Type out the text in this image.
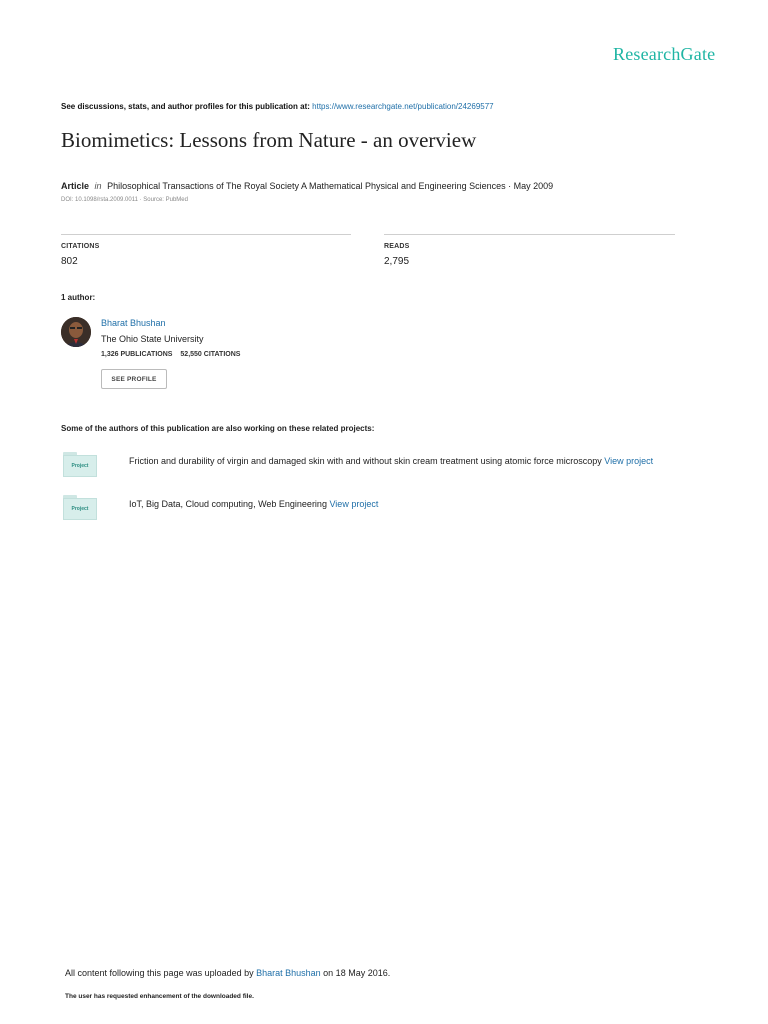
ResearchGate
See discussions, stats, and author profiles for this publication at: https://www.researchgate.net/publication/24269577
Biomimetics: Lessons from Nature - an overview
Article in Philosophical Transactions of The Royal Society A Mathematical Physical and Engineering Sciences · May 2009
DOI: 10.1098/rsta.2009.0011 · Source: PubMed
CITATIONS
802
READS
2,795
1 author:
Bharat Bhushan
The Ohio State University
1,326 PUBLICATIONS 52,550 CITATIONS
SEE PROFILE
Some of the authors of this publication are also working on these related projects:
Project	Friction and durability of virgin and damaged skin with and without skin cream treatment using atomic force microscopy View project
Project	IoT, Big Data, Cloud computing, Web Engineering View project
All content following this page was uploaded by Bharat Bhushan on 18 May 2016.
The user has requested enhancement of the downloaded file.
